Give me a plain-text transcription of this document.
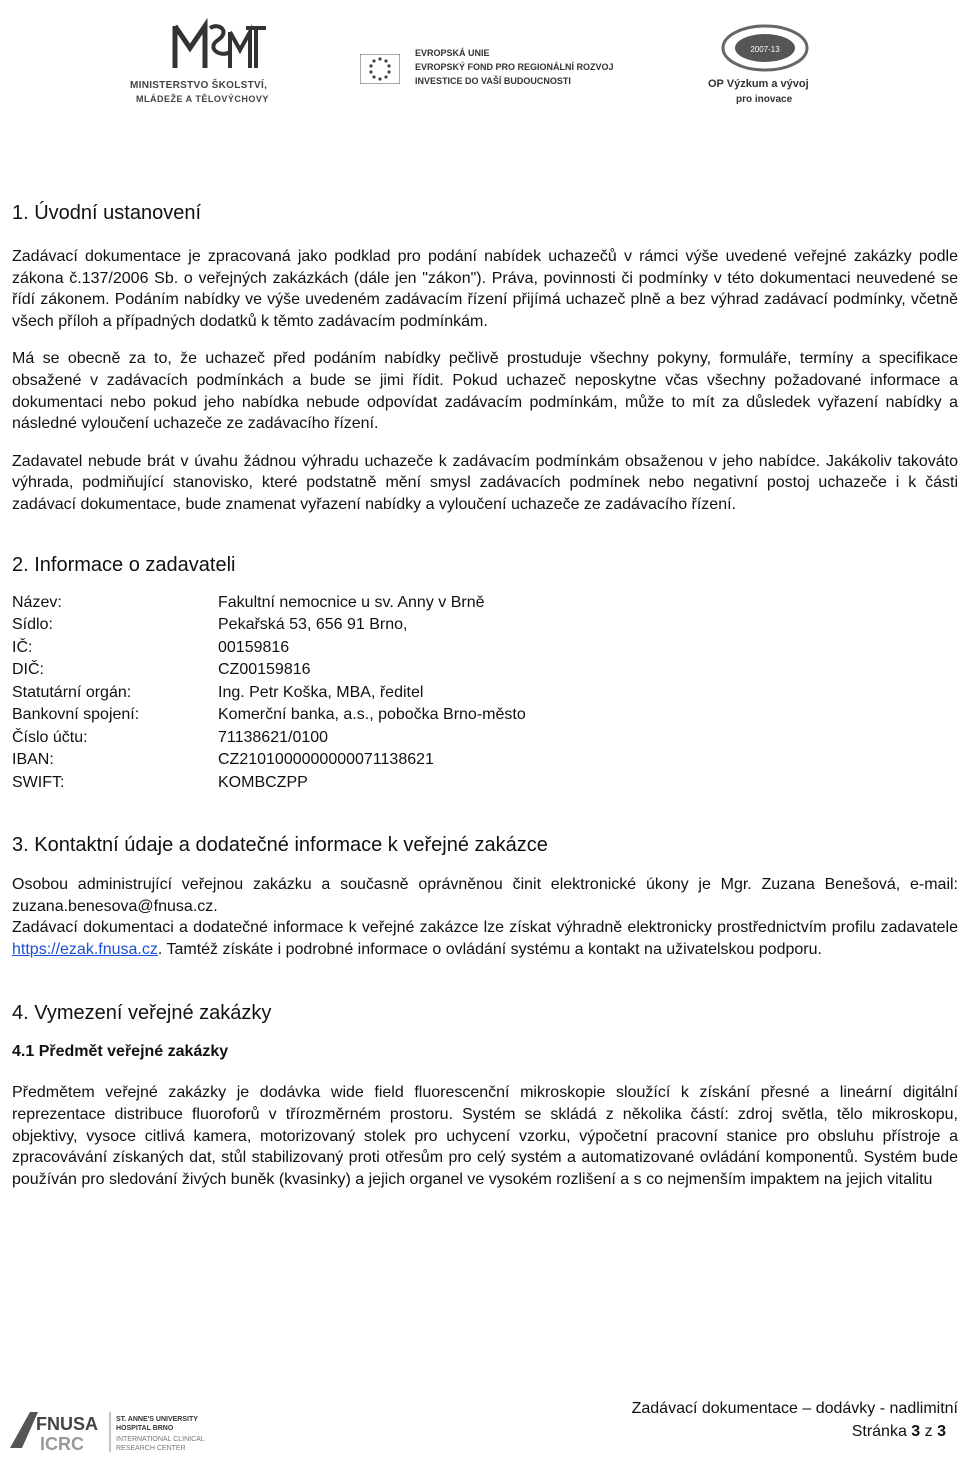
MINISTERSTVO ŠKOLSTVÍ,
MLÁDEŽE A TĚLOVÝCHOVY
EVROPSKÁ UNIE
EVROPSKÝ FOND PRO REGIONÁLNÍ ROZVOJ
INVESTICE DO VAŠÍ BUDOUCNOSTI
2007-13
OP Výzkum a vývoj
pro inovace
1. Úvodní ustanovení

Zadávací dokumentace je zpracovaná jako podklad pro podání nabídek uchazečů v rámci výše uvedené veřejné zakázky podle zákona č.137/2006 Sb. o veřejných zakázkách (dále jen "zákon"). Práva, povinnosti či podmínky v této dokumentaci neuvedené se řídí zákonem. Podáním nabídky ve výše uvedeném zadávacím řízení přijímá uchazeč plně a bez výhrad zadávací podmínky, včetně všech příloh a případných dodatků k těmto zadávacím podmínkám.

Má se obecně za to, že uchazeč před podáním nabídky pečlivě prostuduje všechny pokyny, formuláře, termíny a specifikace obsažené v zadávacích podmínkách a bude se jimi řídit. Pokud uchazeč neposkytne včas všechny požadované informace a dokumentaci nebo pokud jeho nabídka nebude odpovídat zadávacím podmínkám, může to mít za důsledek vyřazení nabídky a následné vyloučení uchazeče ze zadávacího řízení.

Zadavatel nebude brát v úvahu žádnou výhradu uchazeče k zadávacím podmínkám obsaženou v jeho nabídce. Jakákoliv takováto výhrada, podmiňující stanovisko, které podstatně mění smysl zadávacích podmínek nebo negativní postoj uchazeče i k části zadávací dokumentace, bude znamenat vyřazení nabídky a vyloučení uchazeče ze zadávacího řízení.

2. Informace o zadavateli
Název:	Fakultní nemocnice u sv. Anny v Brně
Sídlo:	Pekařská 53, 656 91 Brno,
IČ:	00159816
DIČ:	CZ00159816
Statutární orgán:	Ing. Petr Koška, MBA, ředitel
Bankovní spojení:	Komerční banka, a.s., pobočka Brno-město
Číslo účtu:	71138621/0100
IBAN:	CZ2101000000000071138621
SWIFT:	KOMBCZPP
3. Kontaktní údaje a dodatečné informace k veřejné zakázce

Osobou administrující veřejnou zakázku a současně oprávněnou činit elektronické úkony je Mgr. Zuzana Benešová, e-mail: zuzana.benesova@fnusa.cz.

Zadávací dokumentaci a dodatečné informace k veřejné zakázce lze získat výhradně elektronicky prostřednictvím profilu zadavatele https://ezak.fnusa.cz. Tamtéž získáte i podrobné informace o ovládání systému a kontakt na uživatelskou podporu.

4. Vymezení veřejné zakázky
4.1 Předmět veřejné zakázky

Předmětem veřejné zakázky je dodávka wide field fluorescenční mikroskopie sloužící k získání přesné a lineární digitální reprezentace distribuce fluoroforů v třírozměrném prostoru. Systém se skládá z několika částí: zdroj světla, tělo mikroskopu, objektivy, vysoce citlivá kamera, motorizovaný stolek pro uchycení vzorku, výpočetní pracovní stanice pro obsluhu přístroje a zpracovávání získaných dat, stůl stabilizovaný proti otřesům pro celý systém a automatizované ovládání komponentů. Systém bude používán pro sledování živých buněk (kvasinky) a jejich organel ve vysokém rozlišení a s co nejmenším impaktem na jejich vitalitu

FNUSA
ICRC
ST. ANNE'S UNIVERSITY
HOSPITAL BRNO
INTERNATIONAL CLINICAL
RESEARCH CENTER
Zadávací dokumentace – dodávky - nadlimitní
Stránka 3 z 3
